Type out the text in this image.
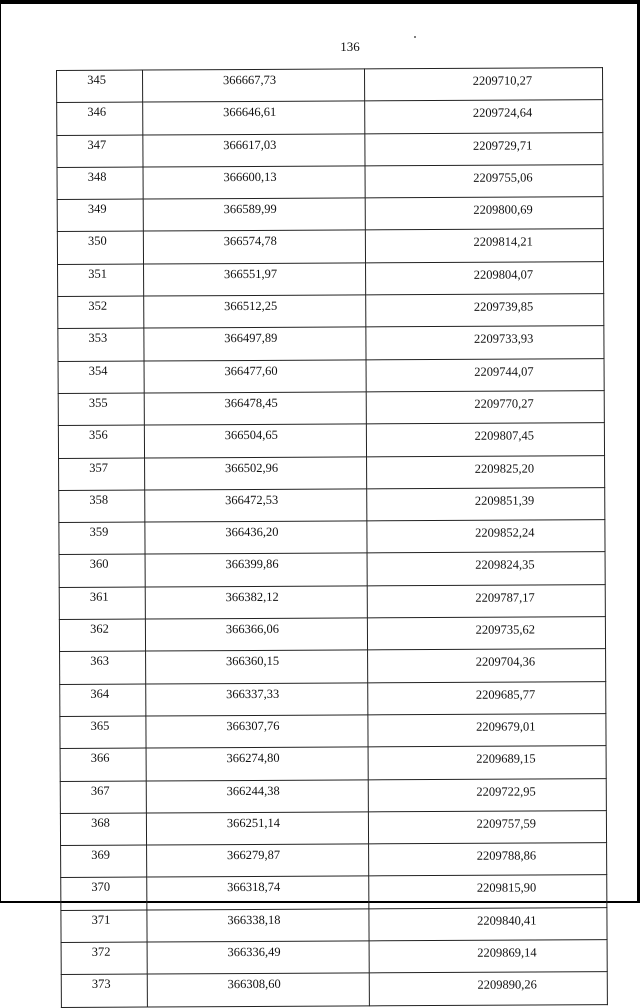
136
345	366667,73	2209710,27
346	366646,61	2209724,64
347	366617,03	2209729,71
348	366600,13	2209755,06
349	366589,99	2209800,69
350	366574,78	2209814,21
351	366551,97	2209804,07
352	366512,25	2209739,85
353	366497,89	2209733,93
354	366477,60	2209744,07
355	366478,45	2209770,27
356	366504,65	2209807,45
357	366502,96	2209825,20
358	366472,53	2209851,39
359	366436,20	2209852,24
360	366399,86	2209824,35
361	366382,12	2209787,17
362	366366,06	2209735,62
363	366360,15	2209704,36
364	366337,33	2209685,77
365	366307,76	2209679,01
366	366274,80	2209689,15
367	366244,38	2209722,95
368	366251,14	2209757,59
369	366279,87	2209788,86
370	366318,74	2209815,90
371	366338,18	2209840,41
372	366336,49	2209869,14
373	366308,60	2209890,26
